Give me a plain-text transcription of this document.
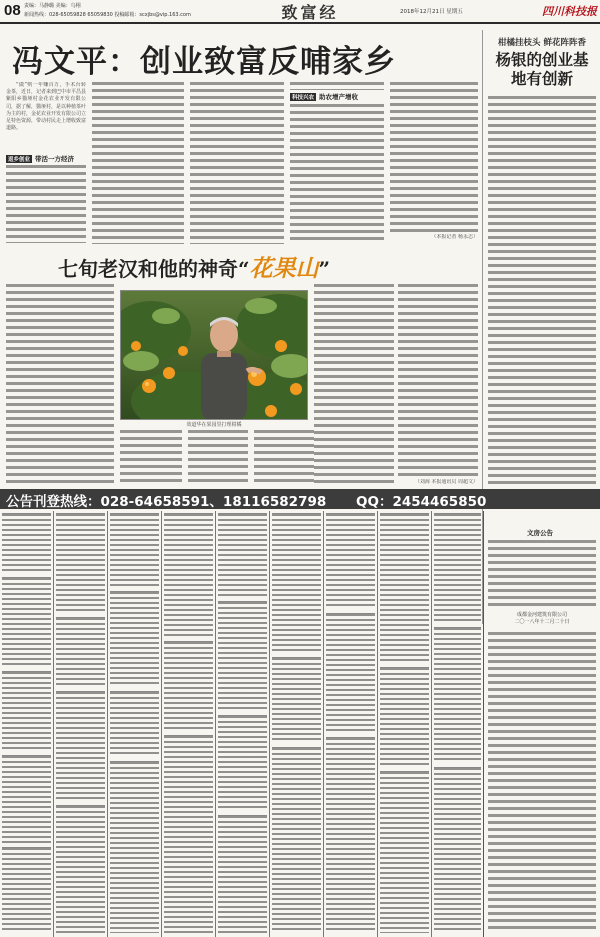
08 责编：马静璐 美编：乌栩
新闻热线：028-65059828 65059830 投稿邮箱：scxjbs@vip.163.com	致富经	2018年12月21日 星期五	四川科技报
冯文平：创业致富反哺家乡

“做”则一年赚百万，手术台转金茶，近日，记者来到巴中市平昌县紫阳乡猫垭村金花农业开发有限公司，据了解，猫垭村，是以种植茶叶为主的村，金花农业开发有限公司立足特色资源，带动村民走上增收致富道路。

返乡创业 带活一方经济
科技兴农 助农增产增收
（本报记者 杨永志）
柑橘挂枝头 鲜花阵阵香
杨银的创业基地有创新
七旬老汉和他的神奇“花果山”
效道华在果园里打理柑橘
（刘海 本报通讯员 周超文）
公告刊登热线：028-64658591、18116582798 QQ：2454465850
文房公告
成都金河建筑有限公司
二〇一八年十二月二十日
